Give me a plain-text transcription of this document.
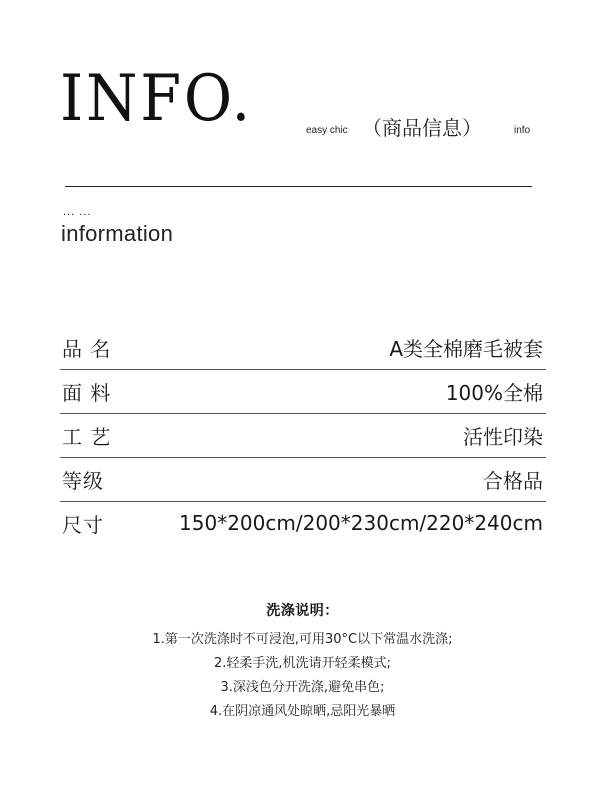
INFO.	easy chic （商品信息）	info
... ...
information
品 名	A类全棉磨毛被套
面 料	100%全棉
工 艺	活性印染
等级	合格品
尺寸	150*200cm/200*230cm/220*240cm
洗涤说明：
1.第一次洗涤时不可浸泡,可用30°C以下常温水洗涤;
2.轻柔手洗,机洗请开轻柔模式;
3.深浅色分开洗涤,避免串色;
4.在阴凉通风处晾晒,忌阳光暴晒
